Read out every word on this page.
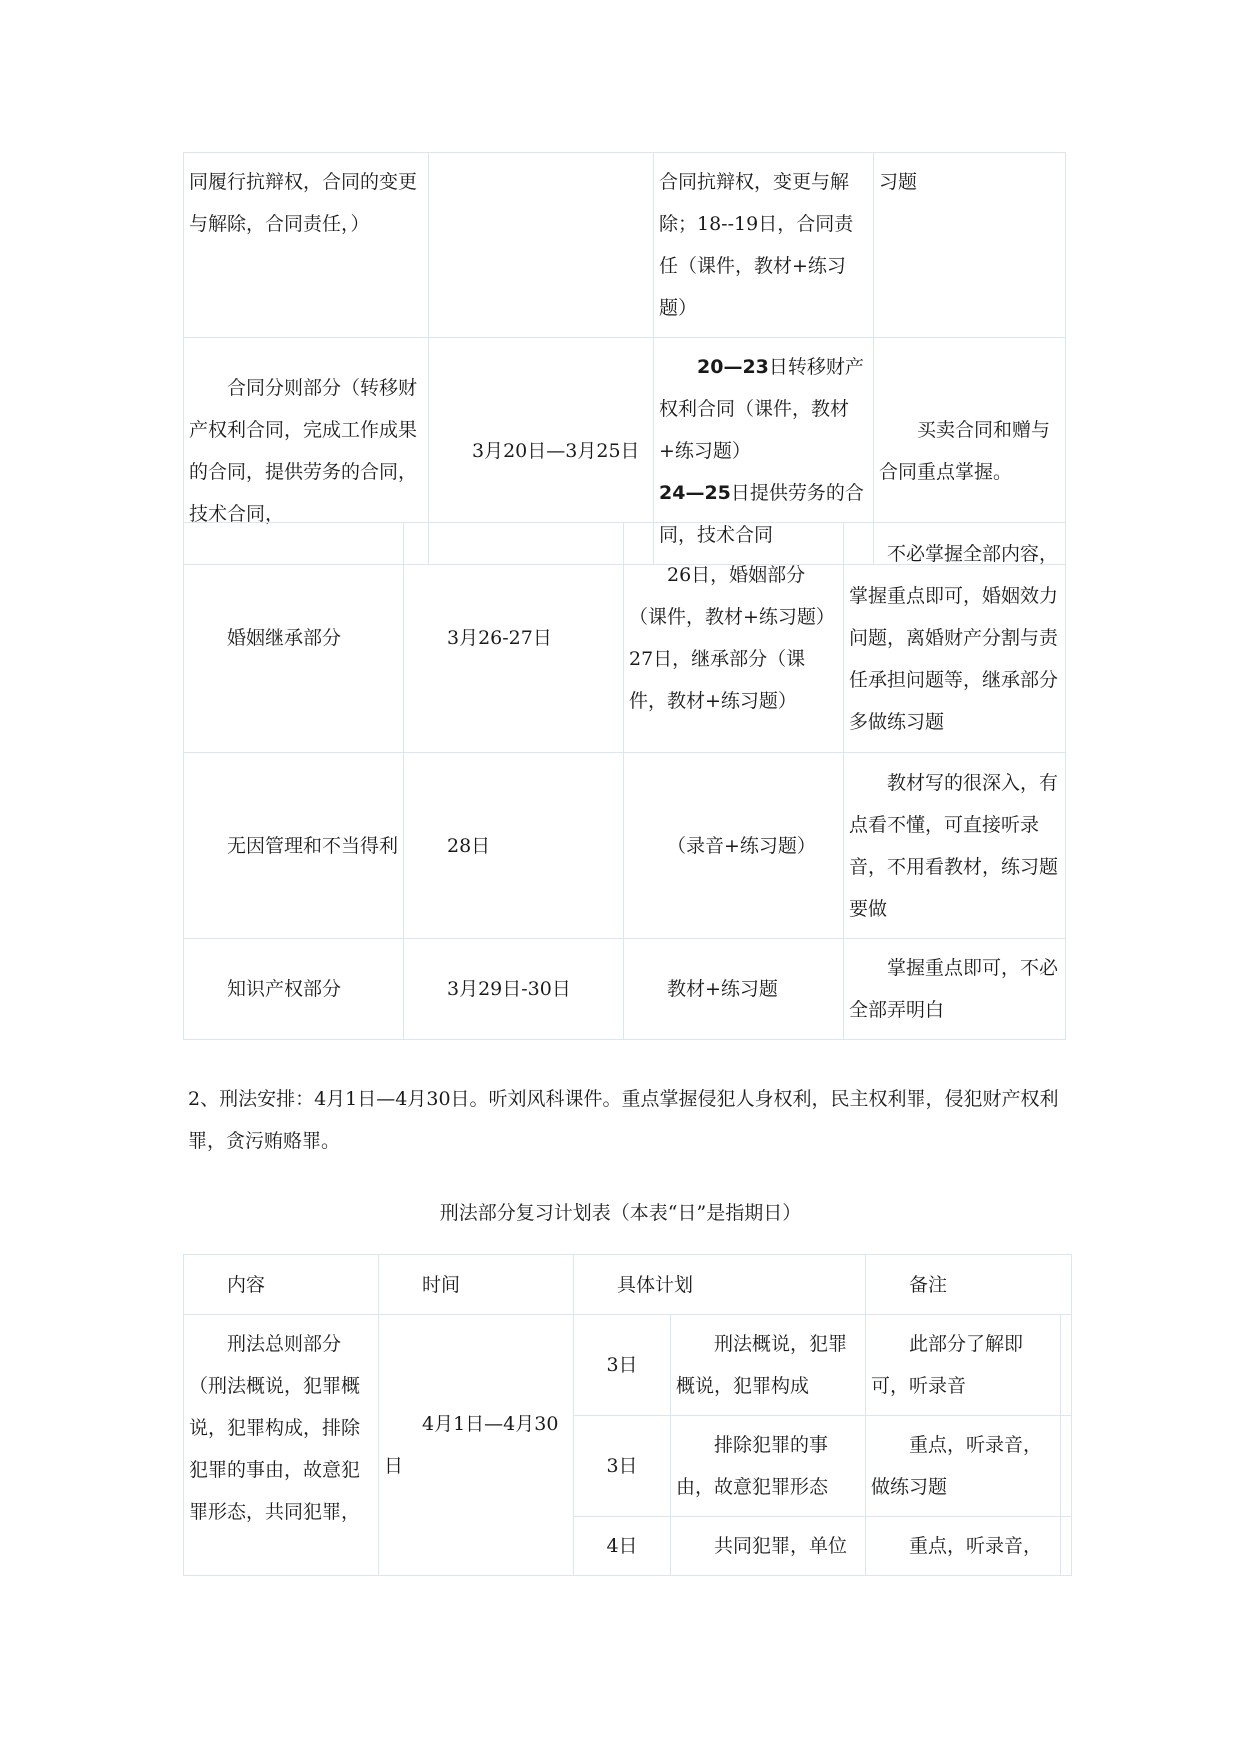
同履行抗辩权，合同的变更与解除，合同责任，）		合同抗辩权，变更与解除；18--19日，合同责任（课件，教材+练习题）	习题
合同分则部分（转移财产权利合同，完成工作成果的合同，提供劳务的合同，技术合同，	3月20日—3月25日	20—23日转移财产权利合同（课件，教材+练习题）
24—25日提供劳务的合同，技术合同	买卖合同和赠与合同重点掌握。
婚姻继承部分	3月26-27日	26日，婚姻部分（课件，教材+练习题）
27日，继承部分（课件，教材+练习题）	不必掌握全部内容，掌握重点即可，婚姻效力问题，离婚财产分割与责任承担问题等，继承部分多做练习题
无因管理和不当得利	28日	（录音+练习题）	教材写的很深入，有点看不懂，可直接听录音，不用看教材，练习题要做
知识产权部分	3月29日-30日	教材+练习题	掌握重点即可，不必全部弄明白

2、刑法安排：4月1日—4月30日。听刘风科课件。重点掌握侵犯人身权利，民主权利罪，侵犯财产权利罪，贪污贿赂罪。

刑法部分复习计划表（本表“日”是指期日）

内容	时间	具体计划		备注	
刑法总则部分（刑法概说，犯罪概说，犯罪构成，排除犯罪的事由，故意犯罪形态，共同犯罪，	4月1日—4月30日	3日	刑法概说，犯罪概说，犯罪构成	此部分了解即可，听录音	
		3日	排除犯罪的事由，故意犯罪形态	重点，听录音，做练习题	
		4日	共同犯罪，单位	重点，听录音，	
